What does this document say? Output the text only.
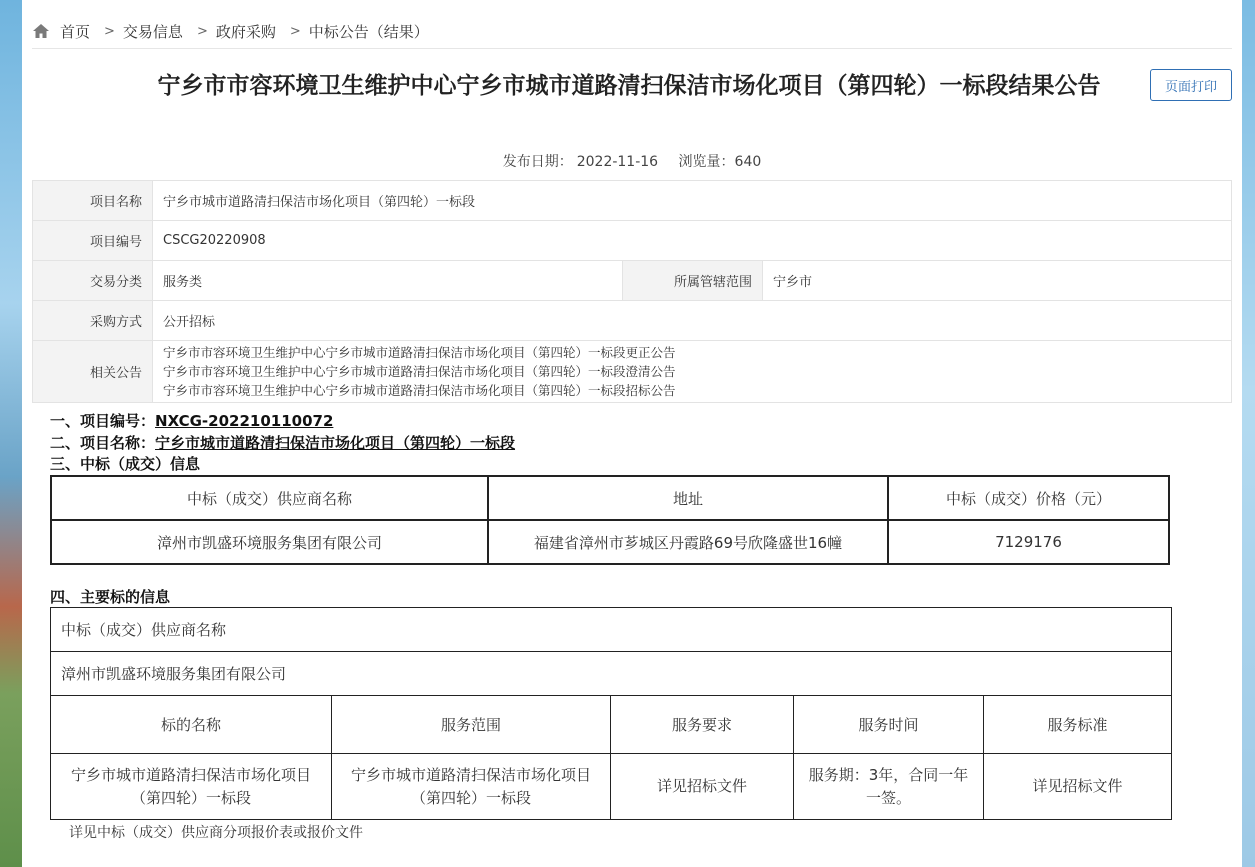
首页 > 交易信息 > 政府采购 > 中标公告（结果）
宁乡市市容环境卫生维护中心宁乡市城市道路清扫保洁市场化项目（第四轮）一标段结果公告	页面打印
发布日期： 2022-11-16 浏览量：640
项目名称	宁乡市城市道路清扫保洁市场化项目（第四轮）一标段		
项目编号	CSCG20220908		
交易分类	服务类	所属管辖范围	宁乡市
采购方式	公开招标		
相关公告	宁乡市市容环境卫生维护中心宁乡市城市道路清扫保洁市场化项目（第四轮）一标段更正公告
宁乡市市容环境卫生维护中心宁乡市城市道路清扫保洁市场化项目（第四轮）一标段澄清公告
宁乡市市容环境卫生维护中心宁乡市城市道路清扫保洁市场化项目（第四轮）一标段招标公告		
一、项目编号：NXCG-202210110072
二、项目名称：宁乡市城市道路清扫保洁市场化项目（第四轮）一标段
三、中标（成交）信息
中标（成交）供应商名称	地址	中标（成交）价格（元）
漳州市凯盛环境服务集团有限公司	福建省漳州市芗城区丹霞路69号欣隆盛世16幢	7129176
四、主要标的信息
中标（成交）供应商名称				
漳州市凯盛环境服务集团有限公司				
标的名称	服务范围	服务要求	服务时间	服务标准
宁乡市城市道路清扫保洁市场化项目（第四轮）一标段	宁乡市城市道路清扫保洁市场化项目（第四轮）一标段	详见招标文件	服务期：3年，合同一年一签。	详见招标文件
详见中标（成交）供应商分项报价表或报价文件
